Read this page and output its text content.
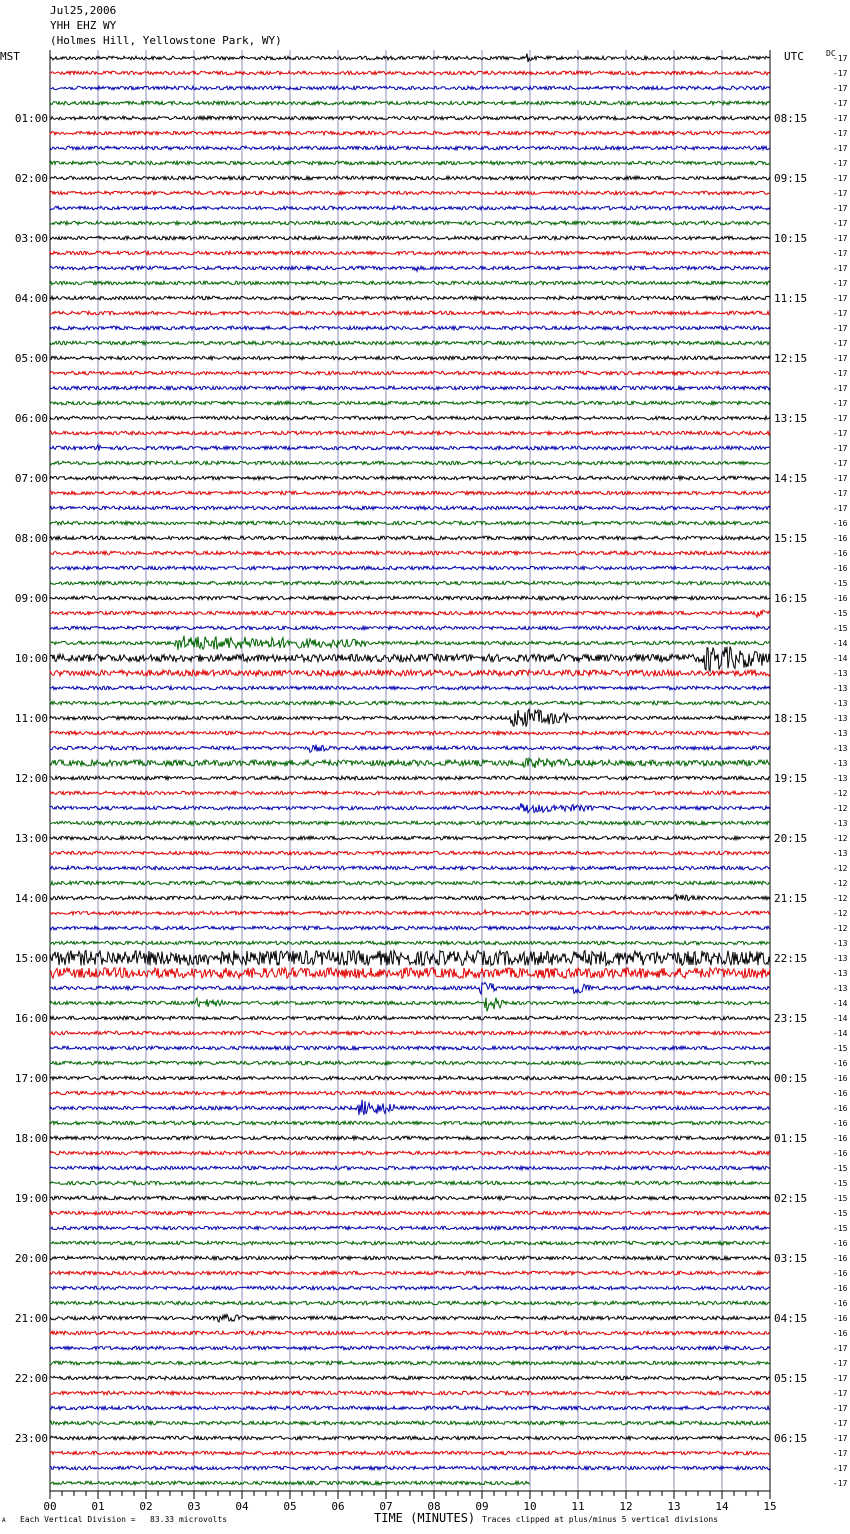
Jul25,2006
YHH EHZ WY
(Holmes Hill, Yellowstone Park, WY)
MST	UTC	DC
-17
-17
-17
-17
-17
-17
-17
-17
-17
-17
-17
-17
-17
-17
-17
-17
-17
-17
-17
-17
-17
-17
-17
-17
-17
-17
-17
-17
-17
-17
-17
-16
-16
-16
-16
-15
-16
-15
-15
-14
-14
-13
-13
-13
-13
-13
-13
-13
-13
-12
-12
-13
-12
-13
-12
-12
-12
-12
-12
-13
-13
-13
-13
-14
-14
-14
-15
-16
-16
-16
-16
-16
-16
-16
-15
-15
-15
-15
-15
-16
-16
-16
-16
-16
-16
-16
-17
-17
-17
-17
-17
-17
-17
-17
-17
-17
01:00	08:15
02:00	09:15
03:00	10:15
04:00	11:15
05:00	12:15
06:00	13:15
07:00	14:15
08:00	15:15
09:00	16:15
10:00	17:15
11:00	18:15
12:00	19:15
13:00	20:15
14:00	21:15
15:00	22:15
16:00	23:15
17:00	00:15
18:00	01:15
19:00	02:15
20:00	03:15
21:00	04:15
22:00	05:15
23:00	06:15
00	01	02	03	04	05	06	07	08	09	10	11	12	13	14	15
TIME (MINUTES)
Each Vertical Division =   83.33 microvolts	Traces clipped at plus/minus 5 vertical divisions
A
